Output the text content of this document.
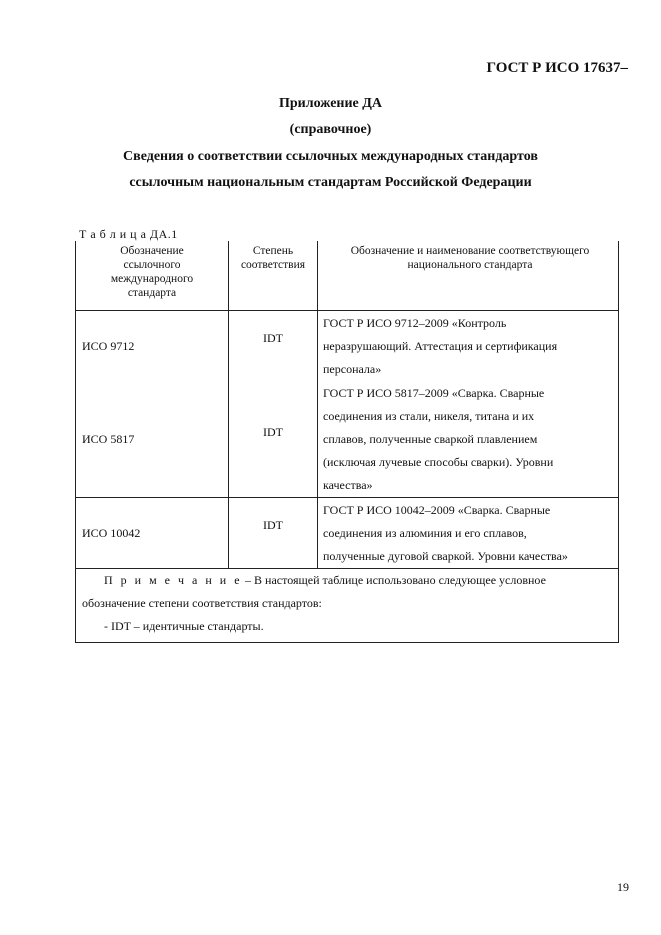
ГОСТ Р ИСО 17637–
Приложение ДА
(справочное)
Сведения о соответствии ссылочных международных стандартов
ссылочным национальным стандартам Российской Федерации
Т а б л и ц а ДА.1
Обозначение ссылочного международного стандарта	Степень соответствия	Обозначение и наименование соответствующего национального стандарта
ИСО 9712	IDT	ГОСТ Р ИСО 9712–2009 «Контроль
неразрушающий. Аттестация и сертификация
персонала»

ИСО 5817	IDT	ГОСТ Р ИСО 5817–2009 «Сварка. Сварные
соединения из стали, никеля, титана и их
сплавов, полученные сваркой плавлением
(исключая лучевые способы сварки). Уровни
качества»

ИСО 10042	IDT	ГОСТ Р ИСО 10042–2009 «Сварка. Сварные
соединения из алюминия и его сплавов,
полученные дуговой сваркой. Уровни качества»

П р и м е ч а н и е – В настоящей таблице использовано следующее условное
обозначение степени соответствия стандартов:
- IDT – идентичные стандарты.		
19
